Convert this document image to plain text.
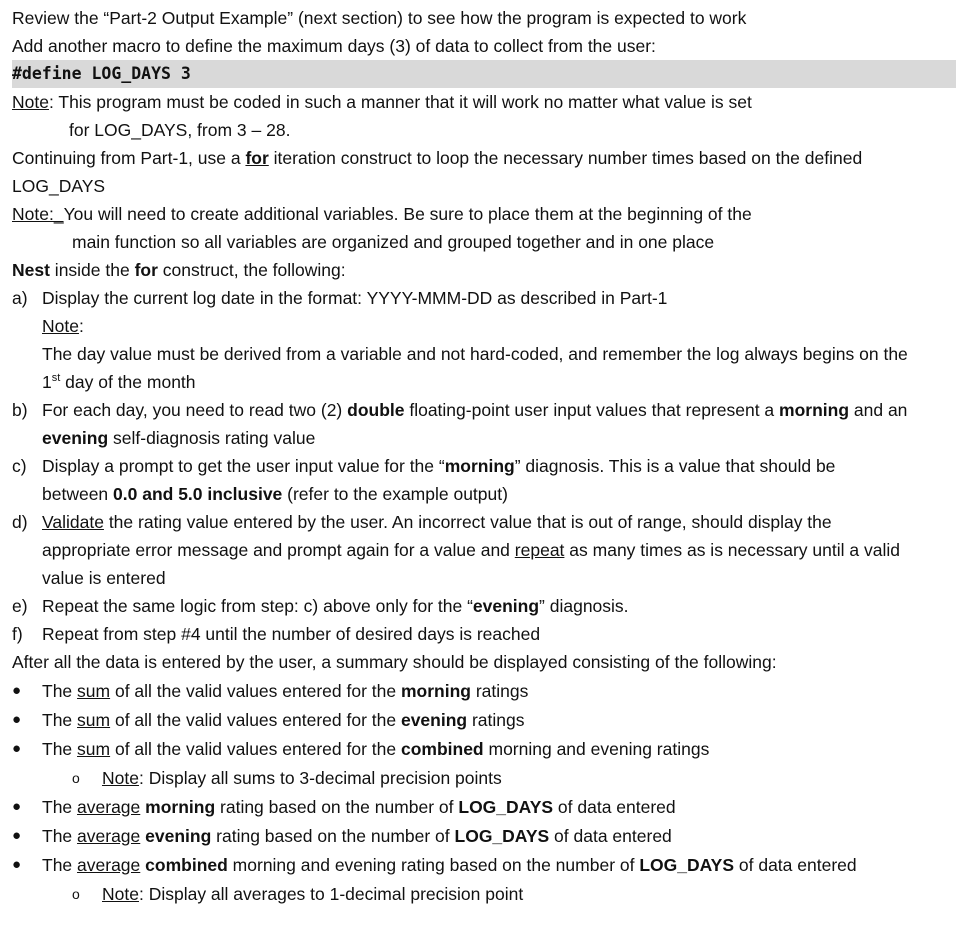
Review the “Part-2 Output Example” (next section) to see how the program is expected to work
Add another macro to define the maximum days (3) of data to collect from the user:
#define LOG_DAYS 3
Note: This program must be coded in such a manner that it will work no matter what value is set
for LOG_DAYS, from 3 – 28.
Continuing from Part-1, use a for iteration construct to loop the necessary number times based on the defined
LOG_DAYS
Note:_You will need to create additional variables. Be sure to place them at the beginning of the
main function so all variables are organized and grouped together and in one place
Nest inside the for construct, the following:
a) Display the current log date in the format: YYYY-MMM-DD as described in Part-1
Note:
The day value must be derived from a variable and not hard-coded, and remember the log always begins on the
1st day of the month
b) For each day, you need to read two (2) double floating-point user input values that represent a morning and an
evening self-diagnosis rating value
c) Display a prompt to get the user input value for the “morning” diagnosis. This is a value that should be
between 0.0 and 5.0 inclusive (refer to the example output)
d) Validate the rating value entered by the user. An incorrect value that is out of range, should display the
appropriate error message and prompt again for a value and repeat as many times as is necessary until a valid
value is entered
e) Repeat the same logic from step: c) above only for the “evening” diagnosis.
f) Repeat from step #4 until the number of desired days is reached
After all the data is entered by the user, a summary should be displayed consisting of the following:
●	The sum of all the valid values entered for the morning ratings
●	The sum of all the valid values entered for the evening ratings
●	The sum of all the valid values entered for the combined morning and evening ratings
o	Note: Display all sums to 3-decimal precision points
●	The average morning rating based on the number of LOG_DAYS of data entered
●	The average evening rating based on the number of LOG_DAYS of data entered
●	The average combined morning and evening rating based on the number of LOG_DAYS of data entered
o	Note: Display all averages to 1-decimal precision point
